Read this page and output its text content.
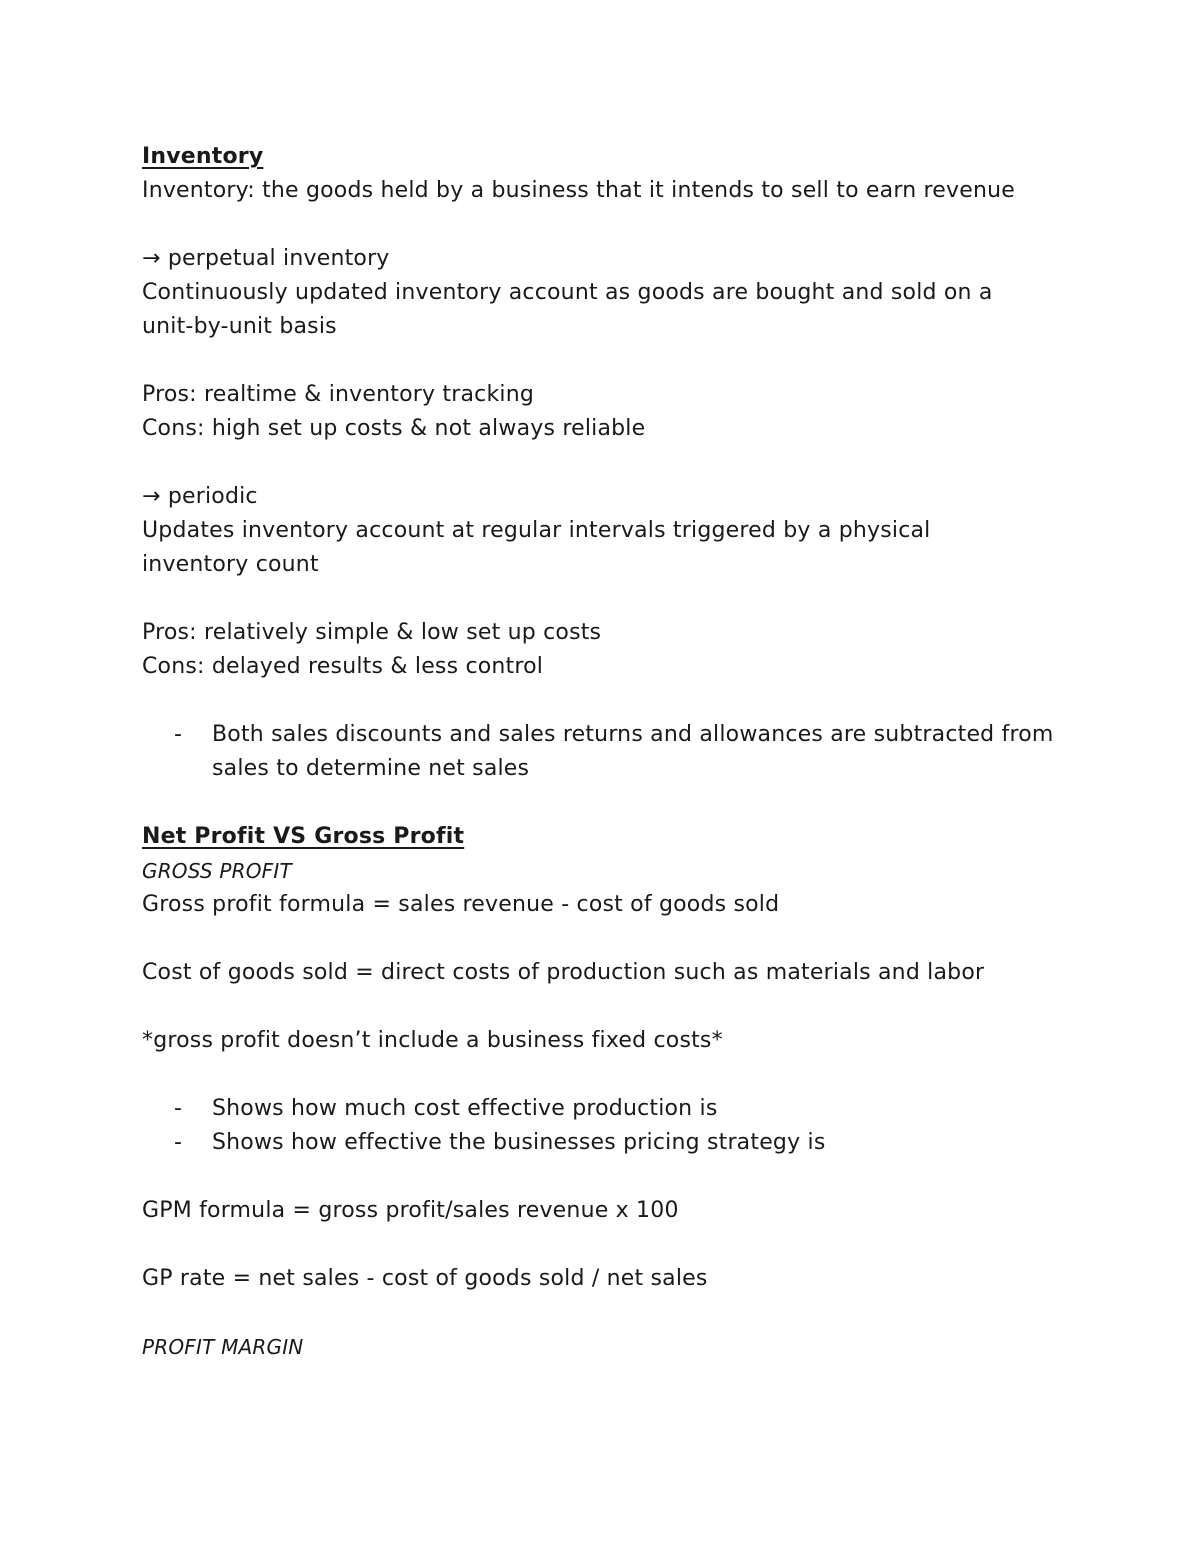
Inventory
Inventory: the goods held by a business that it intends to sell to earn revenue
→ perpetual inventory
Continuously updated inventory account as goods are bought and sold on a
unit-by-unit basis
Pros: realtime & inventory tracking
Cons: high set up costs & not always reliable
→ periodic
Updates inventory account at regular intervals triggered by a physical
inventory count
Pros: relatively simple & low set up costs
Cons: delayed results & less control
- Both sales discounts and sales returns and allowances are subtracted from sales to determine net sales
Net Profit VS Gross Profit
GROSS PROFIT
Gross profit formula = sales revenue - cost of goods sold
Cost of goods sold = direct costs of production such as materials and labor
*gross profit doesn’t include a business fixed costs*
- Shows how much cost effective production is
- Shows how effective the businesses pricing strategy is
GPM formula = gross profit/sales revenue x 100
GP rate = net sales - cost of goods sold / net sales
PROFIT MARGIN
